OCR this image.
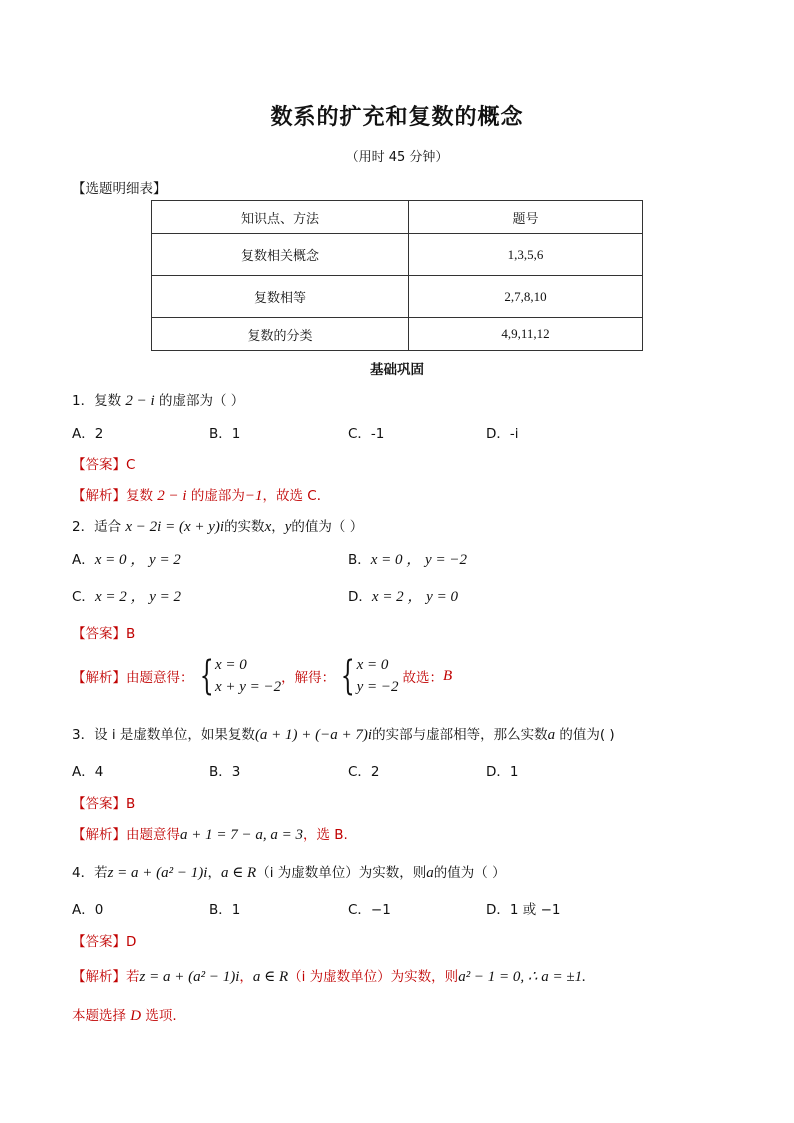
数系的扩充和复数的概念
（用时 45 分钟）
【选题明细表】
知识点、方法	题号
复数相关概念	1,3,5,6
复数相等	2,7,8,10
复数的分类	4,9,11,12
基础巩固
1．复数 2 − i 的虚部为（ ）
A．2	B．1	C．-1	D．-i
【答案】C
【解析】复数 2 − i 的虚部为−1，故选 C．
2．适合 x − 2i = (x + y)i的实数x，y的值为（ ）
A．x = 0 ， y = 2	B．x = 0 ， y = −2
C．x = 2 ， y = 2	D．x = 2 ， y = 0
【答案】B
【解析】 由题意得： { x = 0
x + y = −2
，解得： { x = 0
y = −2
故选： B
3．设 i 是虚数单位，如果复数(a + 1) + (−a + 7)i的实部与虚部相等，那么实数a 的值为( )
A．4	B．3	C．2	D．1
【答案】B
【解析】由题意得a + 1 = 7 − a, a = 3，选 B.
4．若z = a + (a² − 1)i，a ∈ R（i 为虚数单位）为实数，则a的值为（ ）
A．0	B．1	C．−1	D．1 或 −1
【答案】D
【解析】若z = a + (a² − 1)i，a ∈ R（i 为虚数单位）为实数，则a² − 1 = 0, ∴ a = ±1.
本题选择 D 选项.
